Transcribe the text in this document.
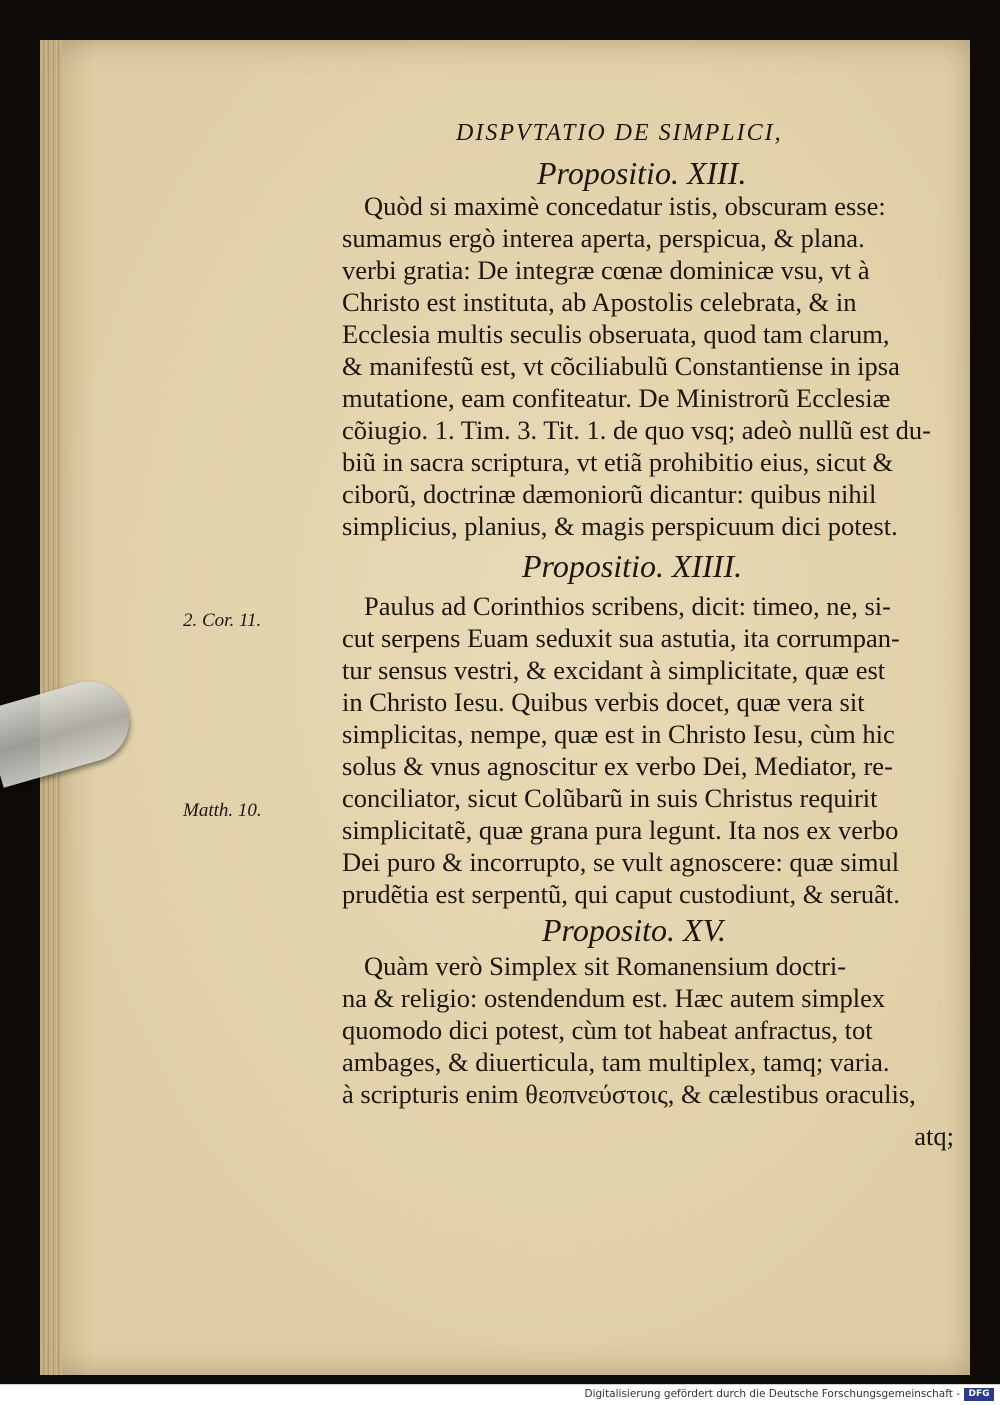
DISPVTATIO DE SIMPLICI,
Propositio. XIII.
Quòd si maximè concedatur istis, obscuram esse:
sumamus ergò interea aperta, perspicua, & plana.
verbi gratia: De integræ cœnæ dominicæ vsu, vt à
Christo est instituta, ab Apostolis celebrata, & in
Ecclesia multis seculis obseruata, quod tam clarum,
& manifestũ est, vt cõciliabulũ Constantiense in ipsa
mutatione, eam confiteatur. De Ministrorũ Ecclesiæ
cõiugio. 1. Tim. 3. Tit. 1. de quo vsq; adeò nullũ est du-
biũ in sacra scriptura, vt etiã prohibitio eius, sicut &
ciborũ, doctrinæ dæmoniorũ dicantur: quibus nihil
simplicius, planius, & magis perspicuum dici potest.
Propositio. XIIII.
Paulus ad Corinthios scribens, dicit: timeo, ne, si-
cut serpens Euam seduxit sua astutia, ita corrumpan-
tur sensus vestri, & excidant à simplicitate, quæ est
in Christo Iesu. Quibus verbis docet, quæ vera sit
simplicitas, nempe, quæ est in Christo Iesu, cùm hic
solus & vnus agnoscitur ex verbo Dei, Mediator, re-
conciliator, sicut Colũbarũ in suis Christus requirit
simplicitatẽ, quæ grana pura legunt. Ita nos ex verbo
Dei puro & incorrupto, se vult agnoscere: quæ simul
prudẽtia est serpentũ, qui caput custodiunt, & seruãt.
Proposito. XV.
Quàm verò Simplex sit Romanensium doctri-
na & religio: ostendendum est. Hæc autem simplex
quomodo dici potest, cùm tot habeat anfractus, tot
ambages, & diuerticula, tam multiplex, tamq; varia.
à scripturis enim θεοπνεύστοις, & cælestibus oraculis,
atq;
2. Cor. 11.
Matth. 10.
Digitalisierung gefördert durch die Deutsche Forschungsgemeinschaft - DFG
